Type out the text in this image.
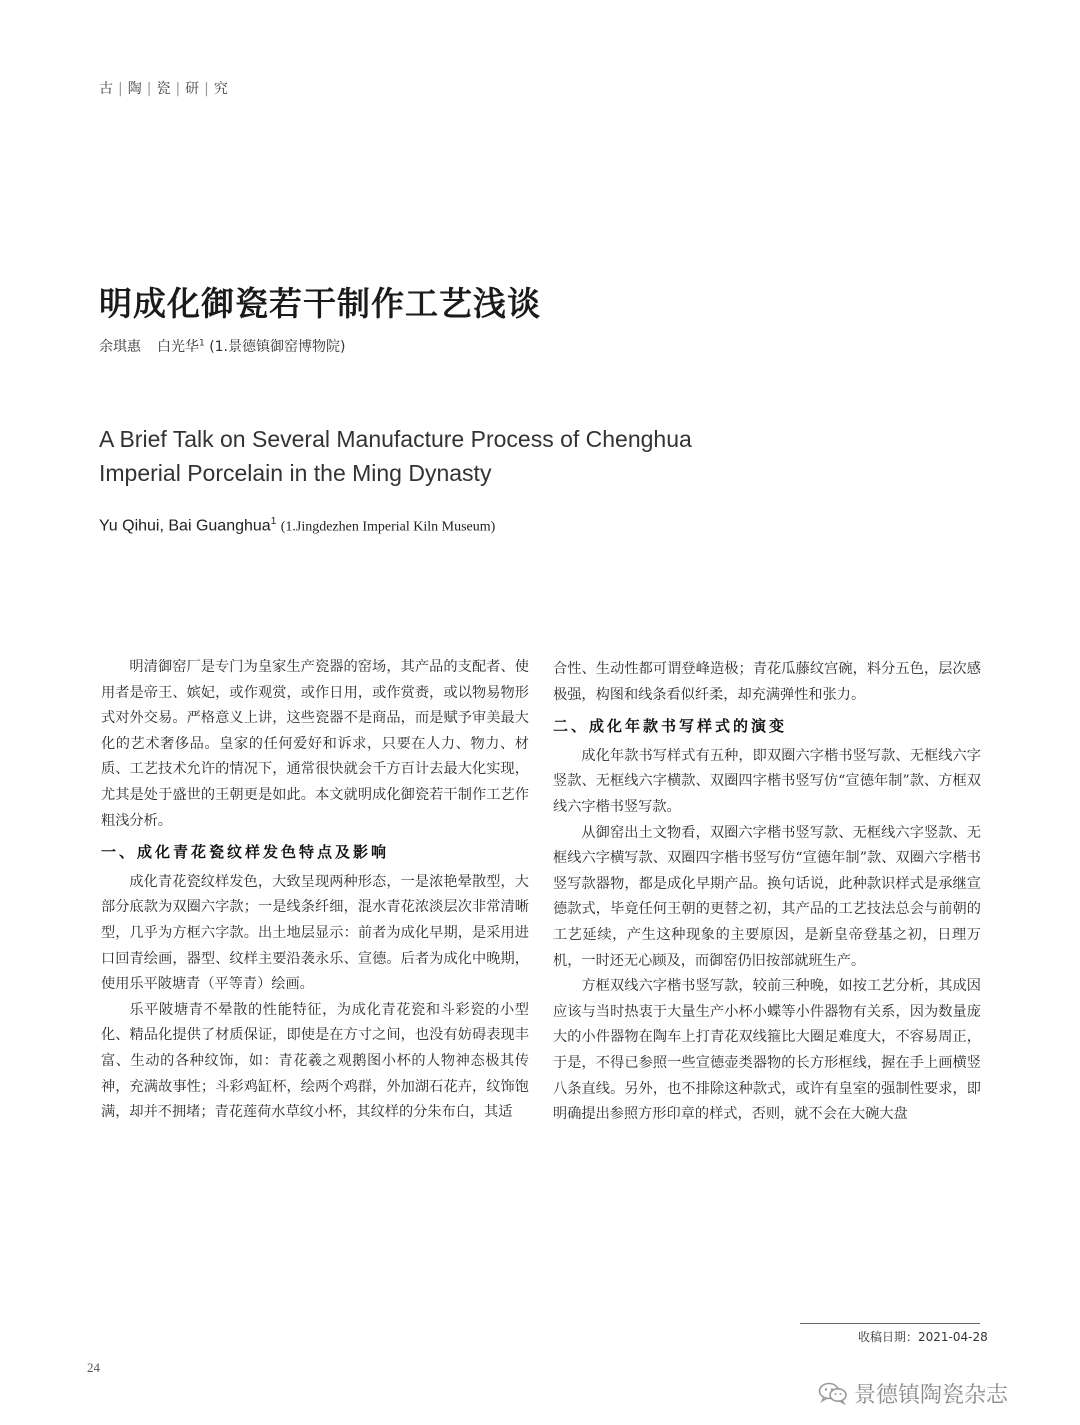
古 | 陶 | 瓷 | 研 | 究
明成化御瓷若干制作工艺浅谈
余琪惠 白光华$^1$ (1.景德镇御窑博物院)
A Brief Talk on Several Manufacture Process of Chenghua
Imperial Porcelain in the Ming Dynasty
Yu Qihui, Bai Guanghua$^1$ (1.Jingdezhen Imperial Kiln Museum)

明清御窑厂是专门为皇家生产瓷器的窑场，其产品的支配者、使用者是帝王、嫔妃，或作观赏，或作日用，或作赏赉，或以物易物形式对外交易。严格意义上讲，这些瓷器不是商品，而是赋予审美最大化的艺术奢侈品。皇家的任何爱好和诉求，只要在人力、物力、材质、工艺技术允许的情况下，通常很快就会千方百计去最大化实现，尤其是处于盛世的王朝更是如此。本文就明成化御瓷若干制作工艺作粗浅分析。

一、成化青花瓷纹样发色特点及影响

成化青花瓷纹样发色，大致呈现两种形态，一是浓艳晕散型，大部分底款为双圈六字款；一是线条纤细，混水青花浓淡层次非常清晰型，几乎为方框六字款。出土地层显示：前者为成化早期，是采用进口回青绘画，器型、纹样主要沿袭永乐、宣德。后者为成化中晚期，使用乐平陂塘青（平等青）绘画。

乐平陂塘青不晕散的性能特征，为成化青花瓷和斗彩瓷的小型化、精品化提供了材质保证，即使是在方寸之间，也没有妨碍表现丰富、生动的各种纹饰，如：青花羲之观鹅图小杯的人物神态极其传神，充满故事性；斗彩鸡缸杯，绘两个鸡群，外加湖石花卉，纹饰饱满，却并不拥堵；青花莲荷水草纹小杯，其纹样的分朱布白，其适

合性、生动性都可谓登峰造极；青花瓜藤纹宫碗，料分五色，层次感极强，构图和线条看似纤柔，却充满弹性和张力。

二、成化年款书写样式的演变

成化年款书写样式有五种，即双圈六字楷书竖写款、无框线六字竖款、无框线六字横款、双圈四字楷书竖写仿“宣德年制”款、方框双线六字楷书竖写款。

从御窑出土文物看，双圈六字楷书竖写款、无框线六字竖款、无框线六字横写款、双圈四字楷书竖写仿“宣德年制”款、双圈六字楷书竖写款器物，都是成化早期产品。换句话说，此种款识样式是承继宣德款式，毕竟任何王朝的更替之初，其产品的工艺技法总会与前朝的工艺延续，产生这种现象的主要原因，是新皇帝登基之初，日理万机，一时还无心顾及，而御窑仍旧按部就班生产。

方框双线六字楷书竖写款，较前三种晚，如按工艺分析，其成因应该与当时热衷于大量生产小杯小蝶等小件器物有关系，因为数量庞大的小件器物在陶车上打青花双线箍比大圈足难度大，不容易周正，于是，不得已参照一些宣德壶类器物的长方形框线，握在手上画横竖八条直线。另外，也不排除这种款式，或许有皇室的强制性要求，即明确提出参照方形印章的样式，否则，就不会在大碗大盘

收稿日期：2021-04-28
24
景德镇陶瓷杂志
